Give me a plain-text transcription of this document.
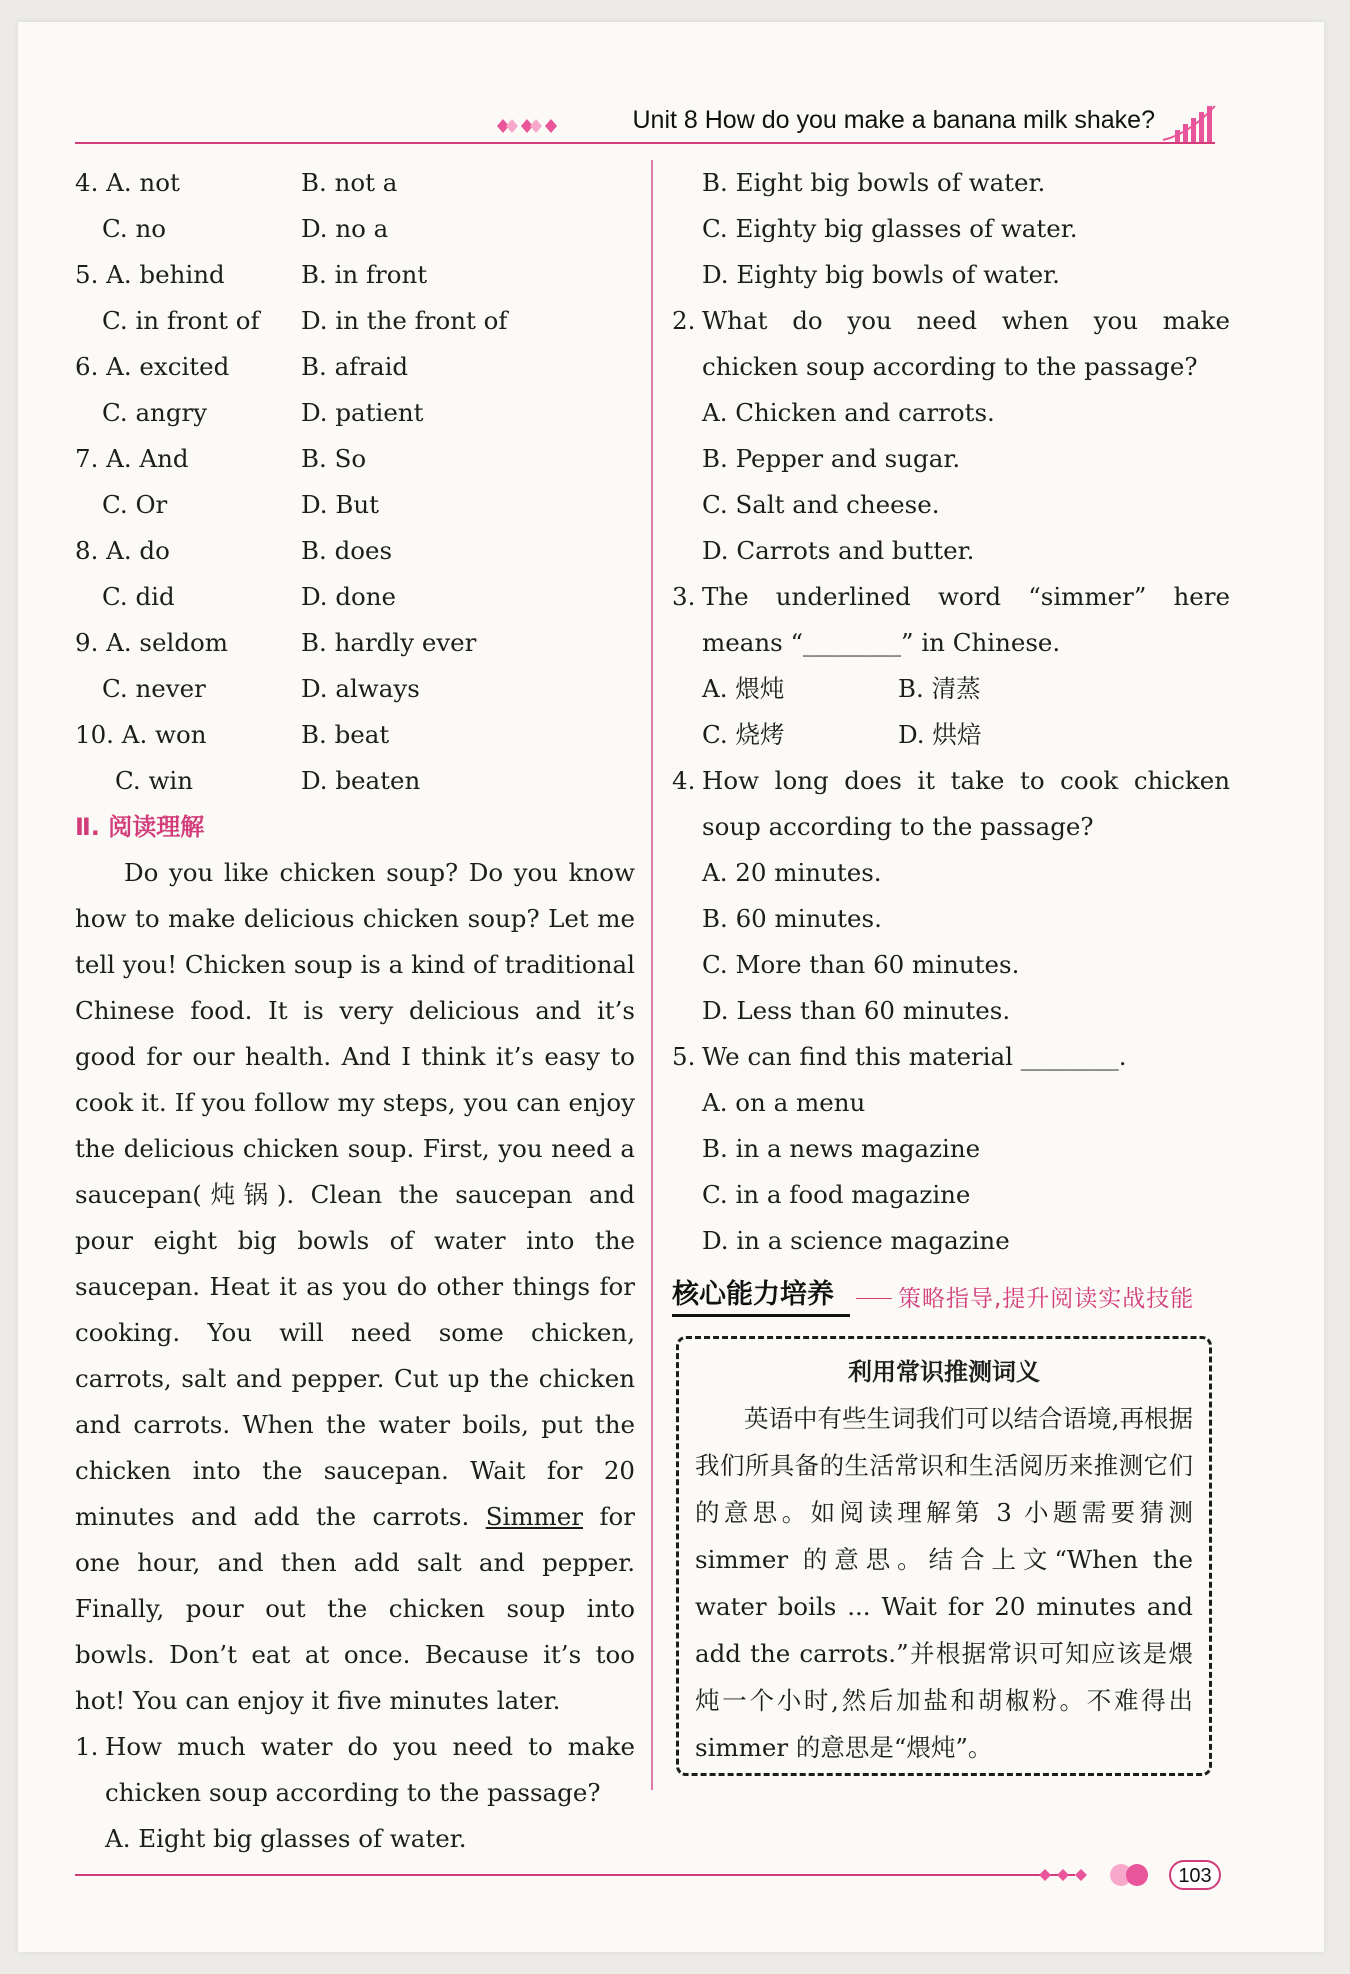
Unit 8 How do you make a banana milk shake?
4. A. not	B. not a
C. no	D. no a
5. A. behind	B. in front
C. in front of D. in the front of
6. A. excited	B. afraid
C. angry	D. patient
7. A. And	B. So
C. Or	D. But
8. A. do	B. does
C. did	D. done
9. A. seldom	B. hardly ever
C. never	D. always
10. A. won	B. beat
C. win	D. beaten
Ⅱ. 阅读理解

Do you like chicken soup? Do you know how to make delicious chicken soup? Let me tell you! Chicken soup is a kind of traditional Chinese food. It is very delicious and it’s good for our health. And I think it’s easy to cook it. If you follow my steps, you can enjoy the delicious chicken soup. First, you need a saucepan(炖锅). Clean the saucepan and pour eight big bowls of water into the saucepan. Heat it as you do other things for cooking. You will need some chicken, carrots, salt and pepper. Cut up the chicken and carrots. When the water boils, put the chicken into the saucepan. Wait for 20 minutes and add the carrots. Simmer for one hour, and then add salt and pepper. Finally, pour out the chicken soup into bowls. Don’t eat at once. Because it’s too hot! You can enjoy it five minutes later.

1. How much water do you need to make chicken soup according to the passage?
A. Eight big glasses of water.
B. Eight big bowls of water.
C. Eighty big glasses of water.
D. Eighty big bowls of water.
2. What do you need when you make chicken soup according to the passage?
A. Chicken and carrots.
B. Pepper and sugar.
C. Salt and cheese.
D. Carrots and butter.
3. The underlined word “simmer” here means “________” in Chinese.
A. 煨炖	B. 清蒸
C. 烧烤	D. 烘焙
4. How long does it take to cook chicken soup according to the passage?
A. 20 minutes.
B. 60 minutes.
C. More than 60 minutes.
D. Less than 60 minutes.
5. We can find this material ________.
A. on a menu
B. in a news magazine
C. in a food magazine
D. in a science magazine
核心能力培养	策略指导,提升阅读实战技能
利用常识推测词义

英语中有些生词我们可以结合语境,再根据我们所具备的生活常识和生活阅历来推测它们的意思。如阅读理解第 3 小题需要猜测 simmer 的意思。结合上文“When the water boils ... Wait for 20 minutes and add the carrots.”并根据常识可知应该是煨炖一个小时,然后加盐和胡椒粉。不难得出 simmer 的意思是“煨炖”。

103
